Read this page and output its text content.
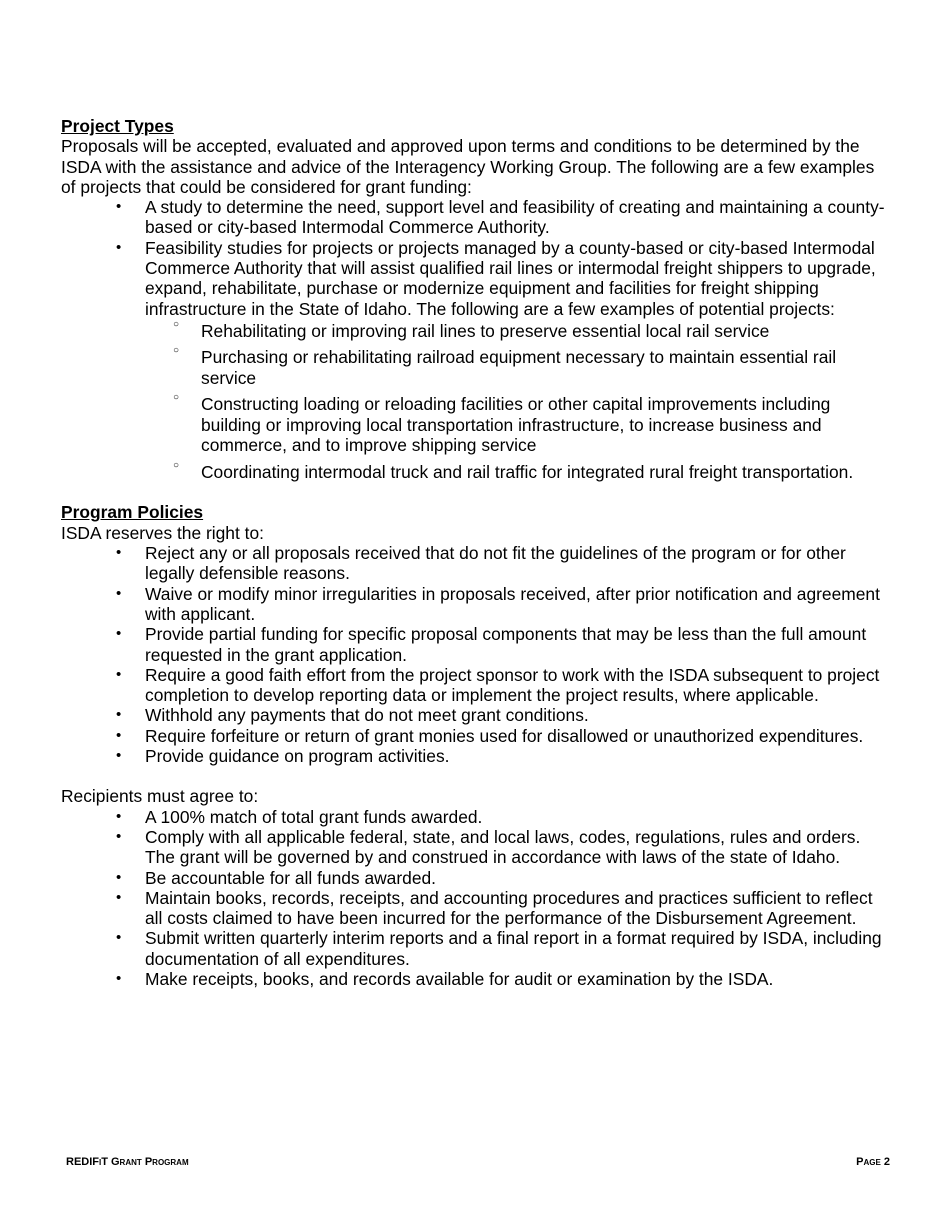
Project Types

Proposals will be accepted, evaluated and approved upon terms and conditions to be determined by the ISDA with the assistance and advice of the Interagency Working Group. The following are a few examples of projects that could be considered for grant funding:

• A study to determine the need, support level and feasibility of creating and maintaining a county-based or city-based Intermodal Commerce Authority.
• Feasibility studies for projects or projects managed by a county-based or city-based Intermodal Commerce Authority that will assist qualified rail lines or intermodal freight shippers to upgrade, expand, rehabilitate, purchase or modernize equipment and facilities for freight shipping infrastructure in the State of Idaho. The following are a few examples of potential projects:
○ Rehabilitating or improving rail lines to preserve essential local rail service
○ Purchasing or rehabilitating railroad equipment necessary to maintain essential rail service
○ Constructing loading or reloading facilities or other capital improvements including building or improving local transportation infrastructure, to increase business and commerce, and to improve shipping service
○ Coordinating intermodal truck and rail traffic for integrated rural freight transportation.
Program Policies

ISDA reserves the right to:

• Reject any or all proposals received that do not fit the guidelines of the program or for other legally defensible reasons.
• Waive or modify minor irregularities in proposals received, after prior notification and agreement with applicant.
• Provide partial funding for specific proposal components that may be less than the full amount requested in the grant application.
• Require a good faith effort from the project sponsor to work with the ISDA subsequent to project completion to develop reporting data or implement the project results, where applicable.
• Withhold any payments that do not meet grant conditions.
• Require forfeiture or return of grant monies used for disallowed or unauthorized expenditures.
• Provide guidance on program activities.

Recipients must agree to:

• A 100% match of total grant funds awarded.
• Comply with all applicable federal, state, and local laws, codes, regulations, rules and orders. The grant will be governed by and construed in accordance with laws of the state of Idaho.
• Be accountable for all funds awarded.
• Maintain books, records, receipts, and accounting procedures and practices sufficient to reflect all costs claimed to have been incurred for the performance of the Disbursement Agreement.
• Submit written quarterly interim reports and a final report in a format required by ISDA, including documentation of all expenditures.
• Make receipts, books, and records available for audit or examination by the ISDA.
REDIFiT Grant Program	Page 2
